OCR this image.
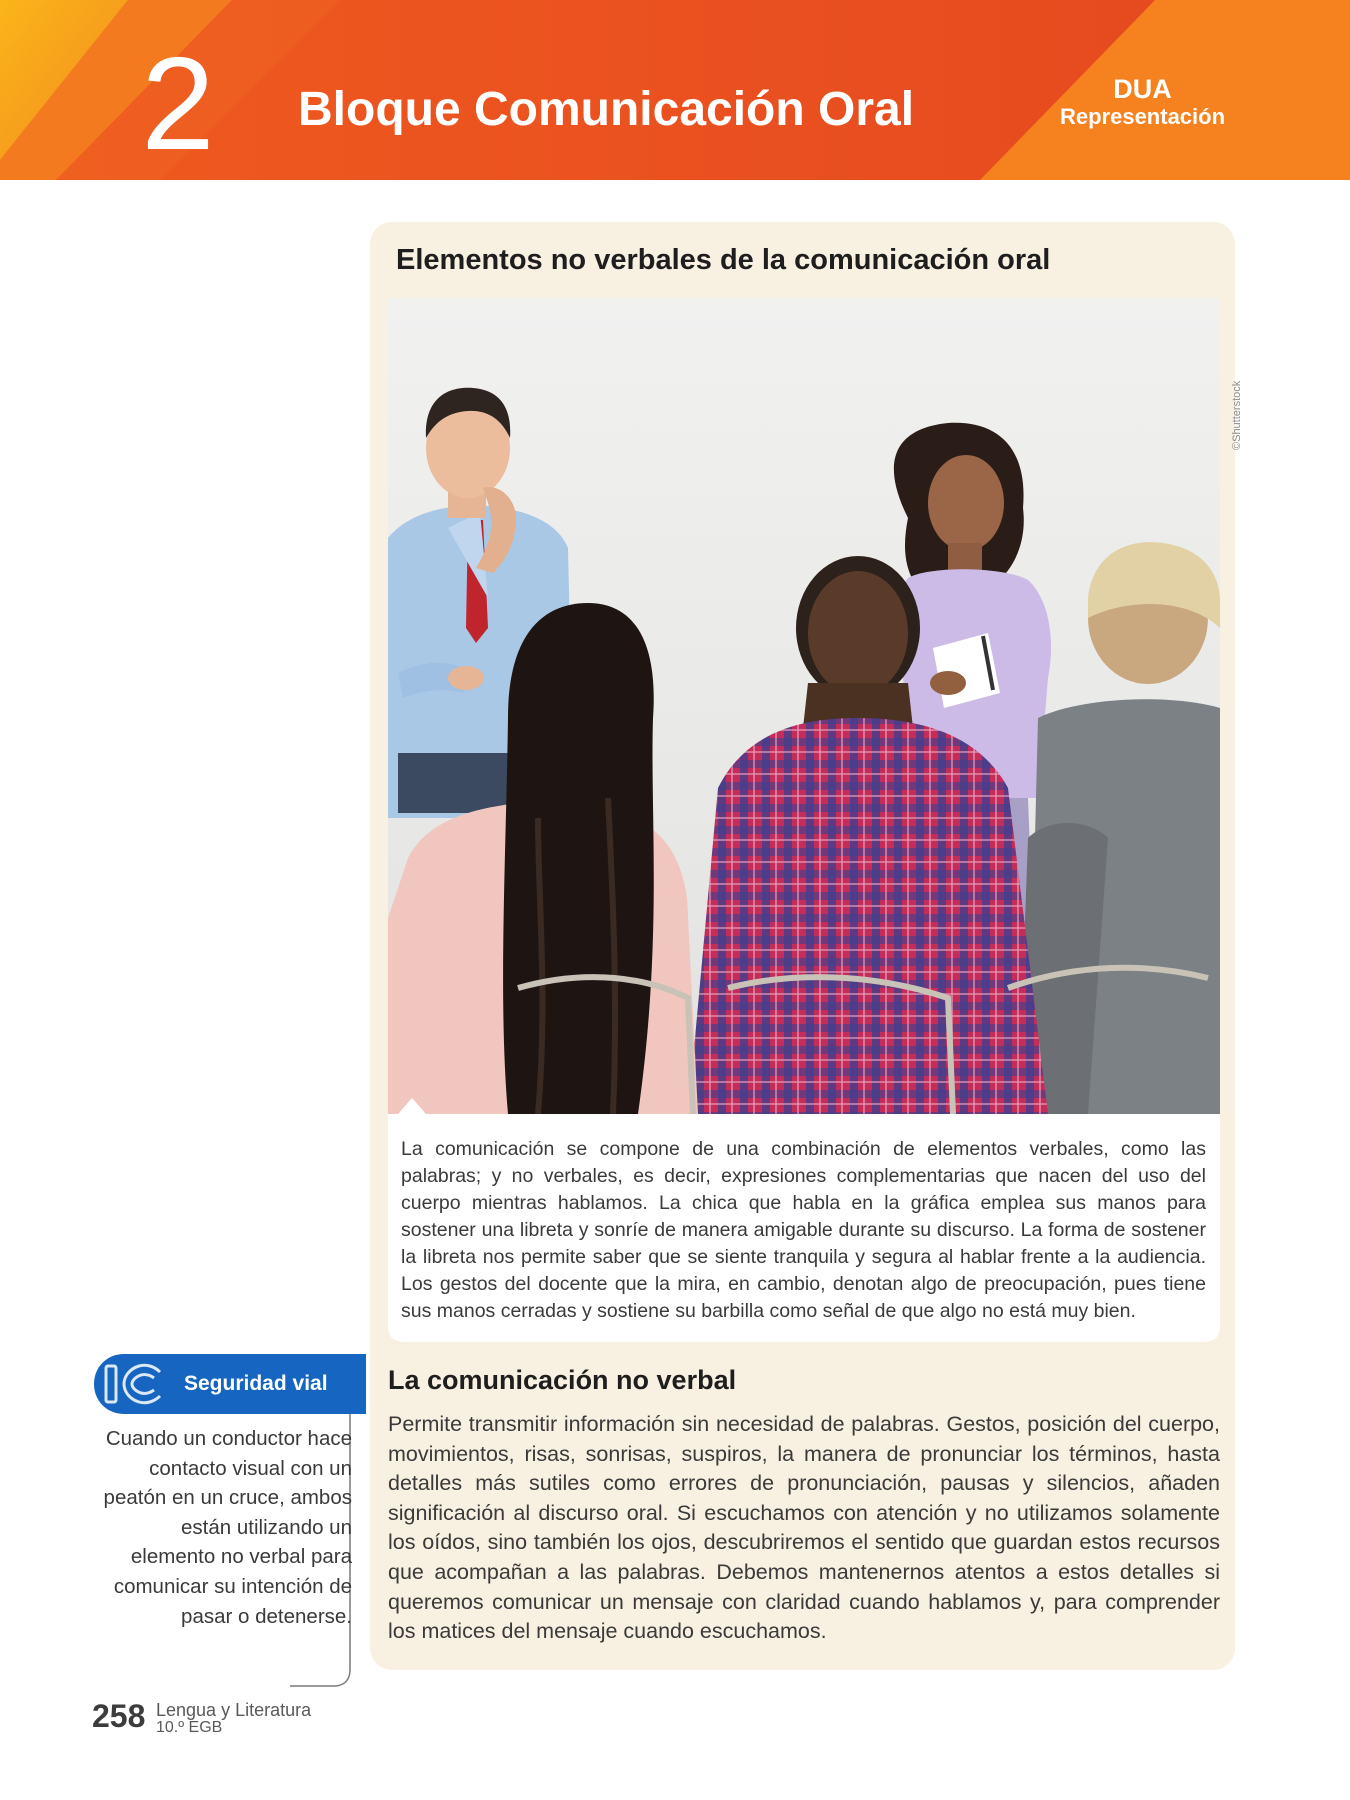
2 Bloque Comunicación Oral	DUA
Representación
Elementos no verbales de la comunicación oral
©Shutterstock

La comunicación se compone de una combinación de elementos verbales, como las palabras; y no verbales, es decir, expresiones complementarias que nacen del uso del cuerpo mientras hablamos. La chica que habla en la gráfica emplea sus manos para sostener una libreta y sonríe de manera amigable durante su discurso. La forma de sostener la libreta nos permite saber que se siente tranquila y segura al hablar frente a la audiencia. Los gestos del docente que la mira, en cambio, denotan algo de preocupación, pues tiene sus manos cerradas y sostiene su barbilla como señal de que algo no está muy bien.

La comunicación no verbal

Permite transmitir información sin necesidad de palabras. Gestos, posición del cuerpo, movimientos, risas, sonrisas, suspiros, la manera de pronunciar los términos, hasta detalles más sutiles como errores de pronunciación, pausas y silencios, añaden significación al discurso oral. Si escuchamos con atención y no utilizamos solamente los oídos, sino también los ojos, descubriremos el sentido que guardan estos recursos que acompañan a las palabras. Debemos mantenernos atentos a estos detalles si queremos comunicar un mensaje con claridad cuando hablamos y, para comprender los matices del mensaje cuando escuchamos.

Seguridad vial

Cuando un conductor hace contacto visual con un peatón en un cruce, ambos están utilizando un elemento no verbal para comunicar su intención de pasar o detenerse.

258 Lengua y Literatura
10.º EGB
